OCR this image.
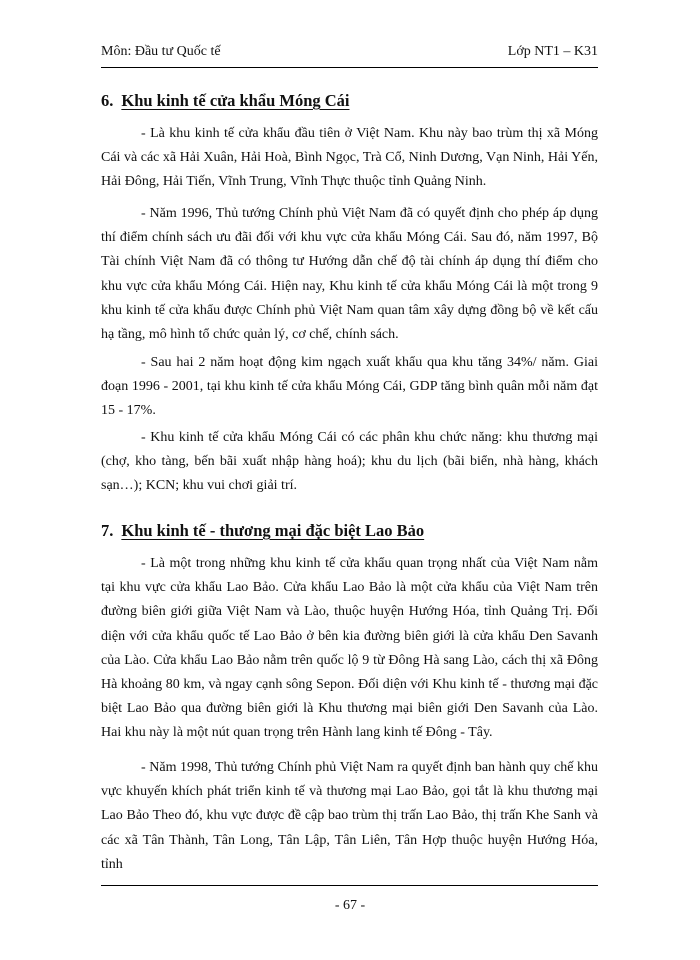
Môn: Đầu tư Quốc tế	Lớp NT1 – K31
6. Khu kinh tế cửa khẩu Móng Cái

- Là khu kinh tế cửa khẩu đầu tiên ở Việt Nam. Khu này bao trùm thị xã Móng Cái và các xã Hải Xuân, Hải Hoà, Bình Ngọc, Trà Cổ, Ninh Dương, Vạn Ninh, Hải Yến, Hải Đông, Hải Tiến, Vĩnh Trung, Vĩnh Thực thuộc tỉnh Quảng Ninh.

- Năm 1996, Thủ tướng Chính phủ Việt Nam đã có quyết định cho phép áp dụng thí điểm chính sách ưu đãi đối với khu vực cửa khẩu Móng Cái. Sau đó, năm 1997, Bộ Tài chính Việt Nam đã có thông tư Hướng dẫn chế độ tài chính áp dụng thí điểm cho khu vực cửa khẩu Móng Cái. Hiện nay, Khu kinh tế cửa khẩu Móng Cái là một trong 9 khu kinh tế cửa khẩu được Chính phủ Việt Nam quan tâm xây dựng đồng bộ về kết cấu hạ tầng, mô hình tổ chức quản lý, cơ chế, chính sách.

- Sau hai 2 năm hoạt động kim ngạch xuất khẩu qua khu tăng 34%/ năm. Giai đoạn 1996 - 2001, tại khu kinh tế cửa khẩu Móng Cái, GDP tăng bình quân mỗi năm đạt 15 - 17%.

- Khu kinh tế cửa khẩu Móng Cái có các phân khu chức năng: khu thương mại (chợ, kho tàng, bến bãi xuất nhập hàng hoá); khu du lịch (bãi biển, nhà hàng, khách sạn…); KCN; khu vui chơi giải trí.

7. Khu kinh tế - thương mại đặc biệt Lao Bảo

- Là một trong những khu kinh tế cửa khẩu quan trọng nhất của Việt Nam nằm tại khu vực cửa khẩu Lao Bảo. Cửa khẩu Lao Bảo là một cửa khẩu của Việt Nam trên đường biên giới giữa Việt Nam và Lào, thuộc huyện Hướng Hóa, tỉnh Quảng Trị. Đối diện với cửa khẩu quốc tế Lao Bảo ở bên kia đường biên giới là cửa khẩu Den Savanh của Lào. Cửa khẩu Lao Bảo nằm trên quốc lộ 9 từ Đông Hà sang Lào, cách thị xã Đông Hà khoảng 80 km, và ngay cạnh sông Sepon. Đối diện với Khu kinh tế - thương mại đặc biệt Lao Bảo qua đường biên giới là Khu thương mại biên giới Den Savanh của Lào. Hai khu này là một nút quan trọng trên Hành lang kinh tế Đông - Tây.

- Năm 1998, Thủ tướng Chính phủ Việt Nam ra quyết định ban hành quy chế khu vực khuyến khích phát triển kinh tế và thương mại Lao Bảo, gọi tắt là khu thương mại Lao Bảo Theo đó, khu vực được đề cập bao trùm thị trấn Lao Bảo, thị trấn Khe Sanh và các xã Tân Thành, Tân Long, Tân Lập, Tân Liên, Tân Hợp thuộc huyện Hướng Hóa, tỉnh

- 67 -
